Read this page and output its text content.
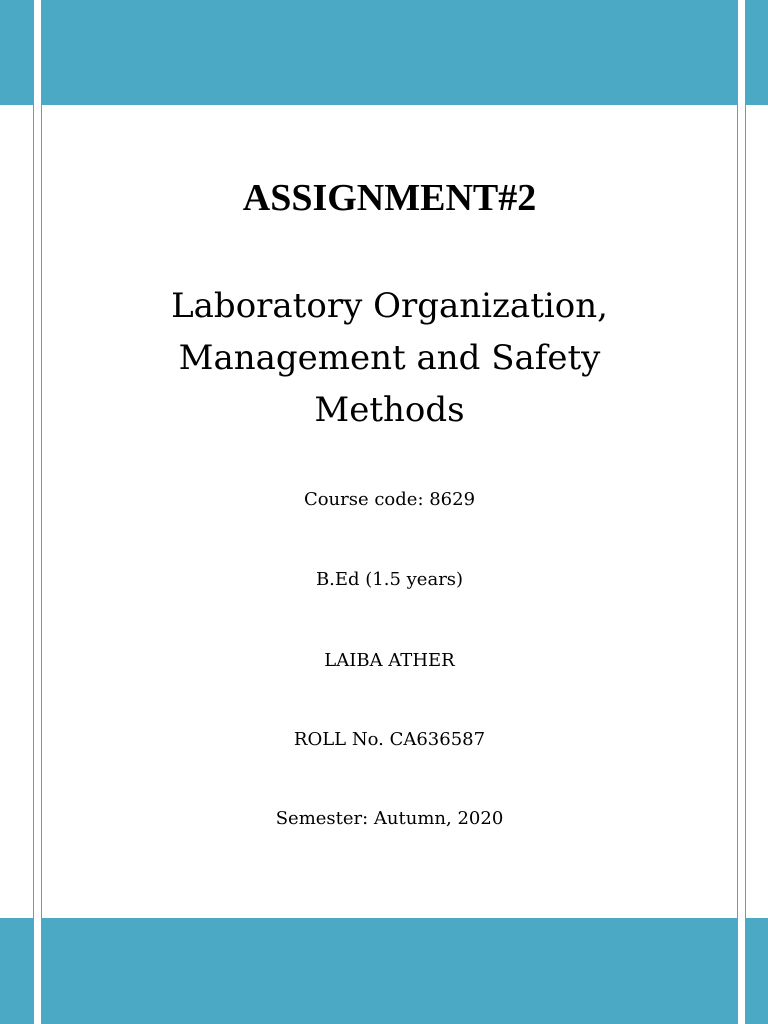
ASSIGNMENT#2
Laboratory Organization, Management and Safety Methods

Course code: 8629

B.Ed (1.5 years)

LAIBA ATHER

ROLL No. CA636587

Semester: Autumn, 2020
